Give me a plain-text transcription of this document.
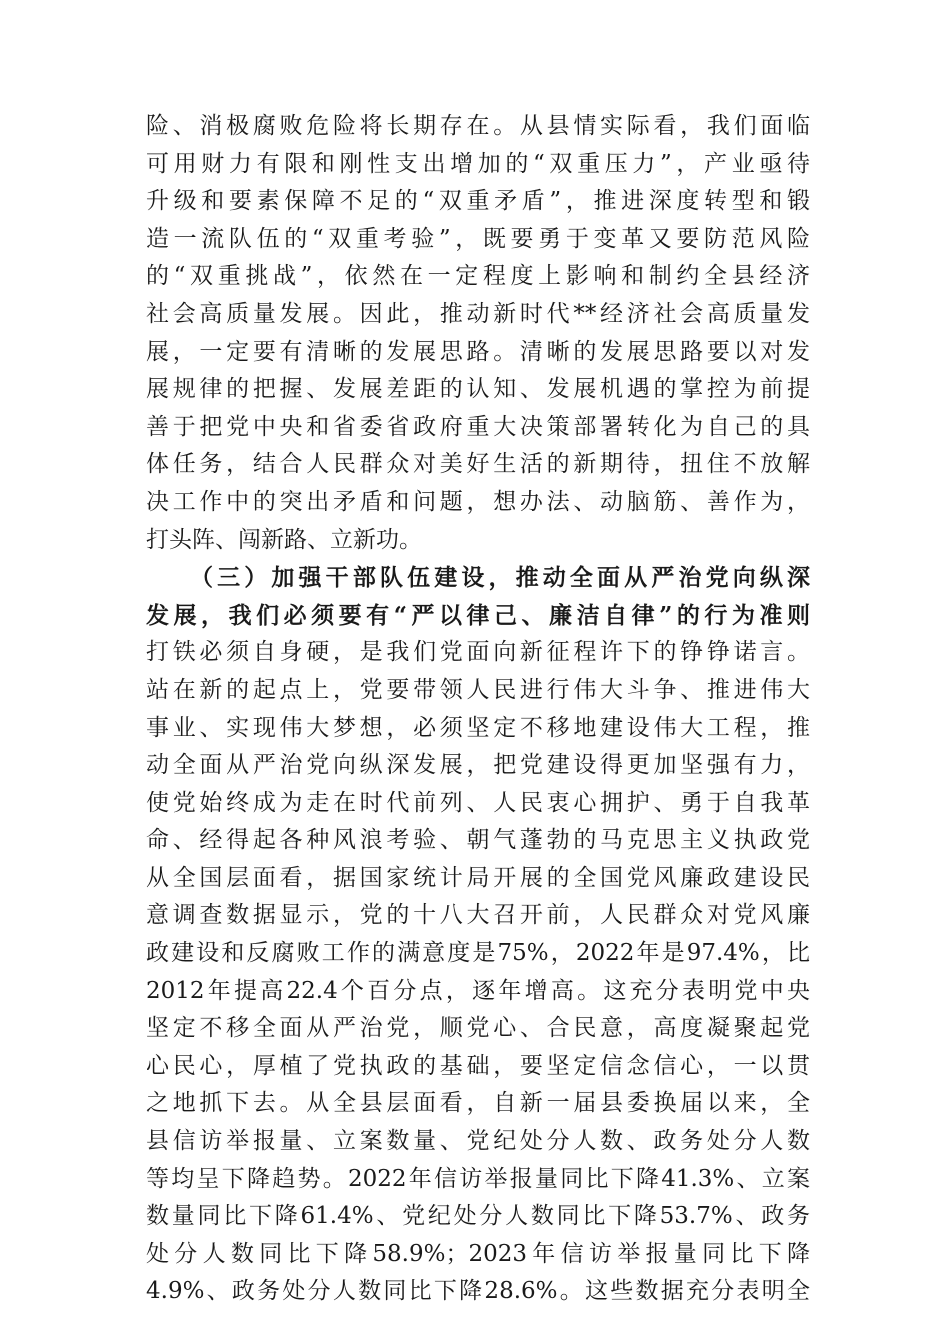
险、消极腐败危险将长期存在。从县情实际看，我们面临
可用财力有限和刚性支出增加的“双重压力”，产业亟待
升级和要素保障不足的“双重矛盾”，推进深度转型和锻
造一流队伍的“双重考验”，既要勇于变革又要防范风险
的“双重挑战”，依然在一定程度上影响和制约全县经济
社会高质量发展。因此，推动新时代**经济社会高质量发
展，一定要有清晰的发展思路。清晰的发展思路要以对发
展规律的把握、发展差距的认知、发展机遇的掌控为前提
善于把党中央和省委省政府重大决策部署转化为自己的具
体任务，结合人民群众对美好生活的新期待，扭住不放解
决工作中的突出矛盾和问题，想办法、动脑筋、善作为，
打头阵、闯新路、立新功。
（三）加强干部队伍建设，推动全面从严治党向纵深
发展，我们必须要有“严以律己、廉洁自律”的行为准则
打铁必须自身硬，是我们党面向新征程许下的铮铮诺言。
站在新的起点上，党要带领人民进行伟大斗争、推进伟大
事业、实现伟大梦想，必须坚定不移地建设伟大工程，推
动全面从严治党向纵深发展，把党建设得更加坚强有力，
使党始终成为走在时代前列、人民衷心拥护、勇于自我革
命、经得起各种风浪考验、朝气蓬勃的马克思主义执政党
从全国层面看，据国家统计局开展的全国党风廉政建设民
意调查数据显示，党的十八大召开前，人民群众对党风廉
政建设和反腐败工作的满意度是75%，2022年是97.4%，比
2012年提高22.4个百分点，逐年增高。这充分表明党中央
坚定不移全面从严治党，顺党心、合民意，高度凝聚起党
心民心，厚植了党执政的基础，要坚定信念信心，一以贯
之地抓下去。从全县层面看，自新一届县委换届以来，全
县信访举报量、立案数量、党纪处分人数、政务处分人数
等均呈下降趋势。2022年信访举报量同比下降41.3%、立案
数量同比下降61.4%、党纪处分人数同比下降53.7%、政务
处分人数同比下降58.9%；2023年信访举报量同比下降
4.9%、政务处分人数同比下降28.6%。这些数据充分表明全
